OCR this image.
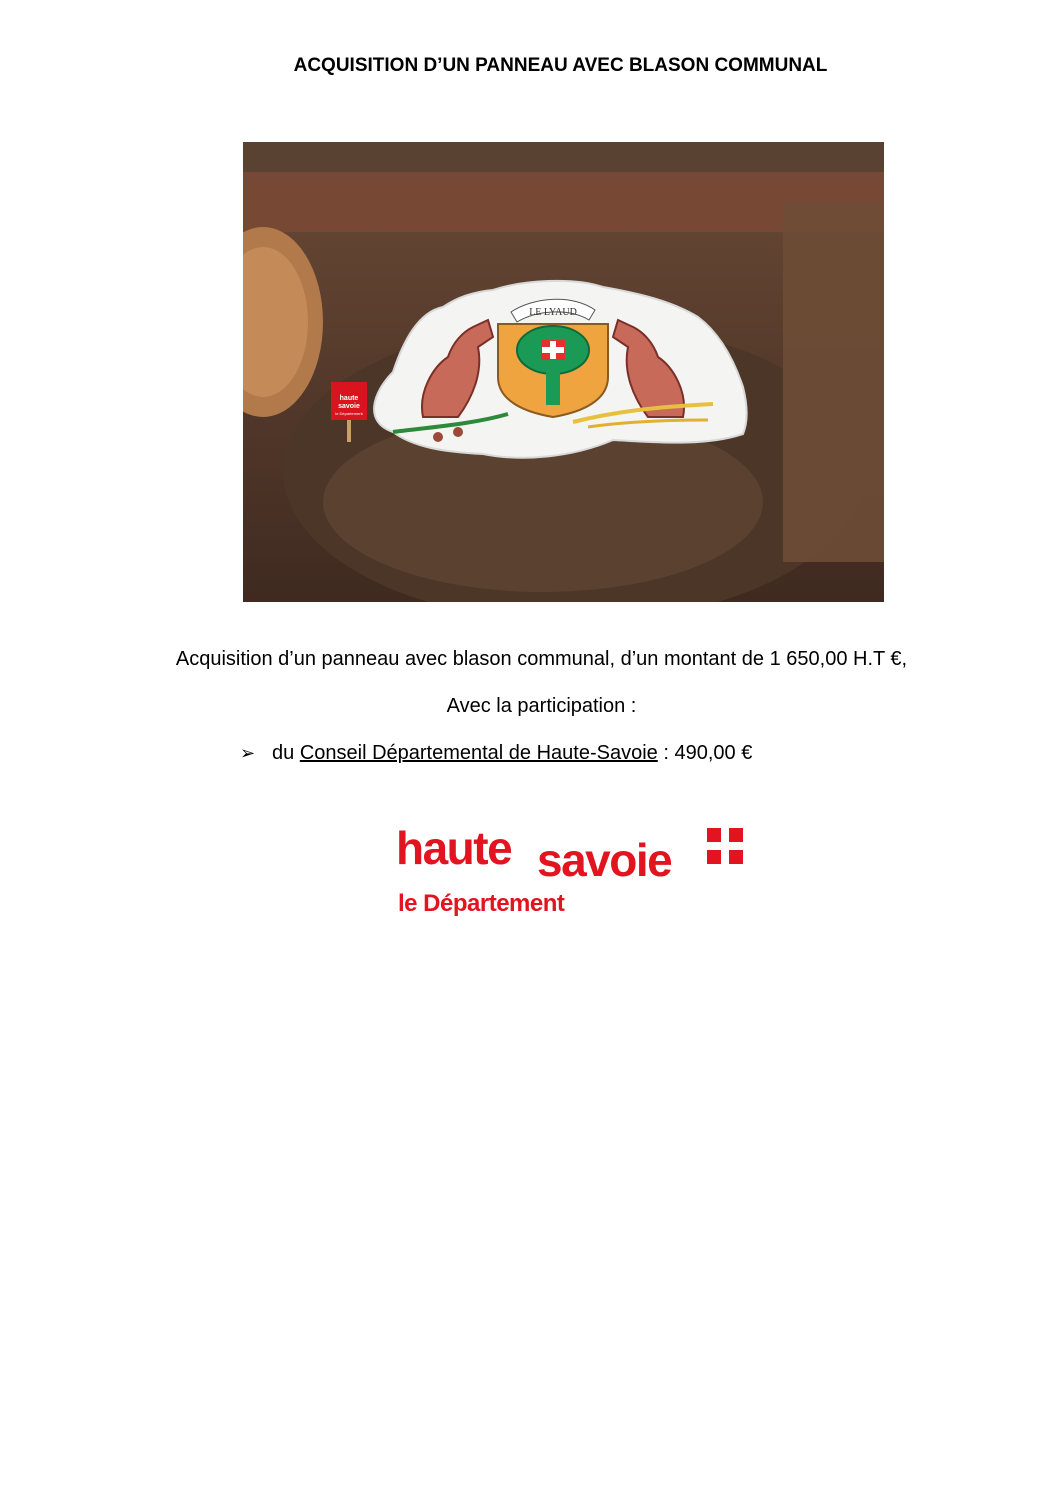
ACQUISITION D’UN PANNEAU AVEC BLASON COMMUNAL
LE LYAUD
haute
savoie
le Département
Acquisition d’un panneau avec blason communal, d’un montant de 1 650,00 H.T €,
Avec la participation :
➢ du Conseil Départemental de Haute-Savoie : 490,00 €
haute savoie
le Département
